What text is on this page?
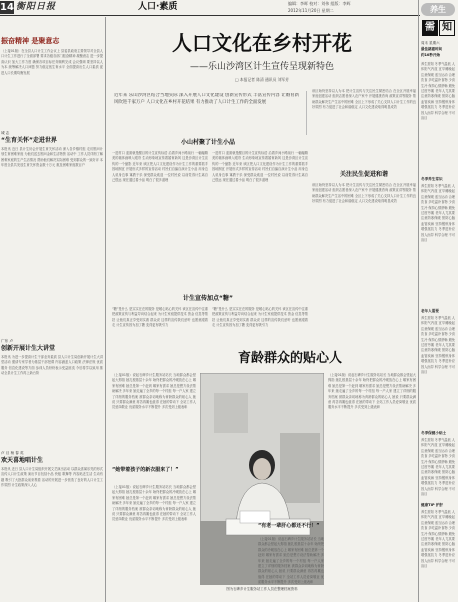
14 衡阳日报	人口·素质	编辑：李晖 校对：刘伟 组版：李辉
2012年11月20日 星期二	养生
需 知
周末 星期六
最佳就寝时间
约10秒开始
养生需知 冬季气温低 人体阳气内敛 宜早睡晚起 注意保暖 适当运动 合理饮食 多吃温补食物 少食生冷 保持心情舒畅 避免过度劳累 老年人尤其要注意防寒保暖 预防心脑血管疾病 坚持锻炼身体 增强抵抗力 冬季进补应因人而异 科学合理 不可盲目
冬季养生常识
养生需知 冬季气温低 人体阳气内敛 宜早睡晚起 注意保暖 适当运动 合理饮食 多吃温补食物 少食生冷 保持心情舒畅 避免过度劳累 老年人尤其要注意防寒保暖 预防心脑血管疾病 坚持锻炼身体 增强抵抗力 冬季进补应因人而异 科学合理 不可盲目
老年人需要
养生需知 冬季气温低 人体阳气内敛 宜早睡晚起 注意保暖 适当运动 合理饮食 多吃温补食物 少食生冷 保持心情舒畅 避免过度劳累 老年人尤其要注意防寒保暖 预防心脑血管疾病 坚持锻炼身体 增强抵抗力 冬季进补应因人而异 科学合理 不可盲目
冬季保健小贴士
养生需知 冬季气温低 人体阳气内敛 宜早睡晚起 注意保暖 适当运动 合理饮食 多吃温补食物 少食生冷 保持心情舒畅 避免过度劳累 老年人尤其要注意防寒保暖 预防心脑血管疾病 坚持锻炼身体 增强抵抗力 冬季进补应因人而异 科学合理 不可盲目
健康TIP 护肝
养生需知 冬季气温低 人体阳气内敛 宜早睡晚起 注意保暖 适当运动 合理饮食 多吃温补食物 少食生冷 保持心情舒畅 避免过度劳累 老年人尤其要注意防寒保暖 预防心脑血管疾病 坚持锻炼身体 增强抵抗力 冬季进补应因人而异 科学合理 不可盲目
振奋精神 是聚意志
（上接01版）在全县人口计生工作会议上 县委县政府主要领导对全县人口计生工作进行了全面部署 要求各级各部门振奋精神 凝聚意志 进一步提高认识 加大工作力度 确保各项目标任务顺利完成 会议强调 要坚持以人为本 统筹解决人口问题 努力稳定低生育水平 全面提高出生人口素质 促进人口长期均衡发展
城 志
“生育关怀”走进世界
本报讯 近日 县计生协会开展生育关怀活动 深入各乡镇村组 走访慰问计划生育困难家庭 为他们送去慰问金和生活物资 活动中 工作人员详细了解困难家庭的生产生活情况 帮助他们解决实际困难 受到群众的一致好评 本年度全县共发放生育关怀资金数十万元 惠及困难家庭数百户
广东 卢
创新开展计生大讲堂
本报讯 为进一步提高计生干部业务素质 县人口计生局创新开展计生大讲堂活动 邀请专家学者为基层干部授课 内容涵盖人口政策 法律法规 优质服务 信息化建设等方面 参训人员纷纷表示受益匪浅 今后将学以致用 推动全县计生工作再上新台阶
卢 旦 杨 春 英
欢天喜地唱计生
本报讯 近日 县人口计生局组织开展文艺演出活动 以群众喜闻乐见的形式宣传人口计生政策 演出节目包括小品 快板 歌舞等 内容贴近生活 生动有趣 吸引了大批群众前来观看 活动的开展进一步营造了良好的人口计生工作氛围 计生政策深入人心
人口文化在乡村开花
——乐山沙湾区计生宣传呈现新特色
□ 本报记者 陈清 通讯员 刘军芳
近年来 乐山沙湾区结合当地实际 深入开展人口文化建设 创新宣传形式 丰富宣传内容 让婚育新风吹进千家万户 人口文化在乡村开花结果 有力推动了人口计生工作的全面发展
该区始终坚持以人为本 把计生宣传与关注民生紧密结合 在全区开展幸福家庭创建活动 组织志愿者深入农户家中 开展健康咨询 政策宣讲等服务 帮助群众解决生产生活中的困难 全区上下形成了关心支持人口计生工作的良好氛围 有力促进了社会和谐稳定 人口文化建设取得明显成效
小山村聚了计生小品
一进村口 迎面就是醒目的计生宣传标语 沿着乡间小路前行 一幅幅精美的墙体画映入眼帘 生动形象地宣传着婚育新风 这是沙湾区计生宣传的一个缩影 近年来 该区把人口文化建设作为计生工作的重要抓手 因地制宜 开展形式多样的宣传活动 村民们自编自演计生小品 用身边人说身边事 寓教于乐 深受群众欢迎 一位村民说 以前觉得计生离自己很远 现在通过看小品 明白了很多道理
一进村口 迎面就是醒目的计生宣传标语 沿着乡间小路前行 一幅幅精美的墙体画映入眼帘 生动形象地宣传着婚育新风 这是沙湾区计生宣传的一个缩影 近年来 该区把人口文化建设作为计生工作的重要抓手 因地制宜 开展形式多样的宣传活动 村民们自编自演计生小品 用身边人说身边事 寓教于乐 深受群众欢迎 一位村民说 以前觉得计生离自己很远 现在通过看小品 明白了很多道理
关注民生促进和谐
该区始终坚持以人为本 把计生宣传与关注民生紧密结合 在全区开展幸福家庭创建活动 组织志愿者深入农户家中 开展健康咨询 政策宣讲等服务 帮助群众解决生产生活中的困难 全区上下形成了关心支持人口计生工作的良好氛围 有力促进了社会和谐稳定 人口文化建设取得明显成效
计生宣传加点“糖”
“糖”是什么 是实实在在的服务 是暖心贴心的关怀 该区在宣传中注重把政策宣传与利益导向结合起来 为计生家庭提供技术 资金 信息等帮扶 让他们真正享受到实惠 群众说 这样的宣传我们爱听 也愿意跟着走 计生宣传因为加了糖 变得更有吸引力
“糖”是什么 是实实在在的服务 是暖心贴心的关怀 该区在宣传中注重把政策宣传与利益导向结合起来 为计生家庭提供技术 资金 信息等帮扶 让他们真正享受到实惠 群众说 这样的宣传我们爱听 也愿意跟着走 计生宣传因为加了糖 变得更有吸引力
育龄群众的贴心人
图为石碑乡计生服务站工作人员在整理档案资料
（上接01版）说起石碑乡计生服务站站长 当地群众都会竖起大拇指 她扎根基层十余年 始终把群众的冷暖放在心上 哪家有困难 她总是第一个赶到 哪家有需求 她总是想方设法帮助解决 多年来 她走遍了全乡的每一个村组 每一户人家 建立了详细的服务档案 被群众亲切地称为育龄群众的贴心人 她说 只要群众满意 再苦再累也值得 在她的带动下 全站工作人员爱岗敬业 优质服务水平不断提升 多次受到上级表彰
“她带着孩子的新衣服来了！”
（上接01版）说起石碑乡计生服务站站长 当地群众都会竖起大拇指 她扎根基层十余年 始终把群众的冷暖放在心上 哪家有困难 她总是第一个赶到 哪家有需求 她总是想方设法帮助解决 多年来 她走遍了全乡的每一个村组 每一户人家 建立了详细的服务档案 被群众亲切地称为育龄群众的贴心人 她说 只要群众满意 再苦再累也值得 在她的带动下 全站工作人员爱岗敬业 优质服务水平不断提升 多次受到上级表彰
（上接01版）说起石碑乡计生服务站站长 当地群众都会竖起大拇指 她扎根基层十余年 始终把群众的冷暖放在心上 哪家有困难 她总是第一个赶到 哪家有需求 她总是想方设法帮助解决 多年来 她走遍了全乡的每一个村组 每一户人家 建立了详细的服务档案 被群众亲切地称为育龄群众的贴心人 她说 只要群众满意 再苦再累也值得 在她的带动下 全站工作人员爱岗敬业 优质服务水平不断提升 多次受到上级表彰
（上接01版）说起石碑乡计生服务站站长 当地群众都会竖起大拇指 她扎根基层十余年 始终把群众的冷暖放在心上 哪家有困难 她总是第一个赶到 哪家有需求 她总是想方设法帮助解决 多年来 她走遍了全乡的每一个村组 每一户人家 建立了详细的服务档案 被群众亲切地称为育龄群众的贴心人 她说 只要群众满意 再苦再累也值得 在她的带动下 全站工作人员爱岗敬业 优质服务水平不断提升 多次受到上级表彰
“有老一辈肝心都还不行！”
